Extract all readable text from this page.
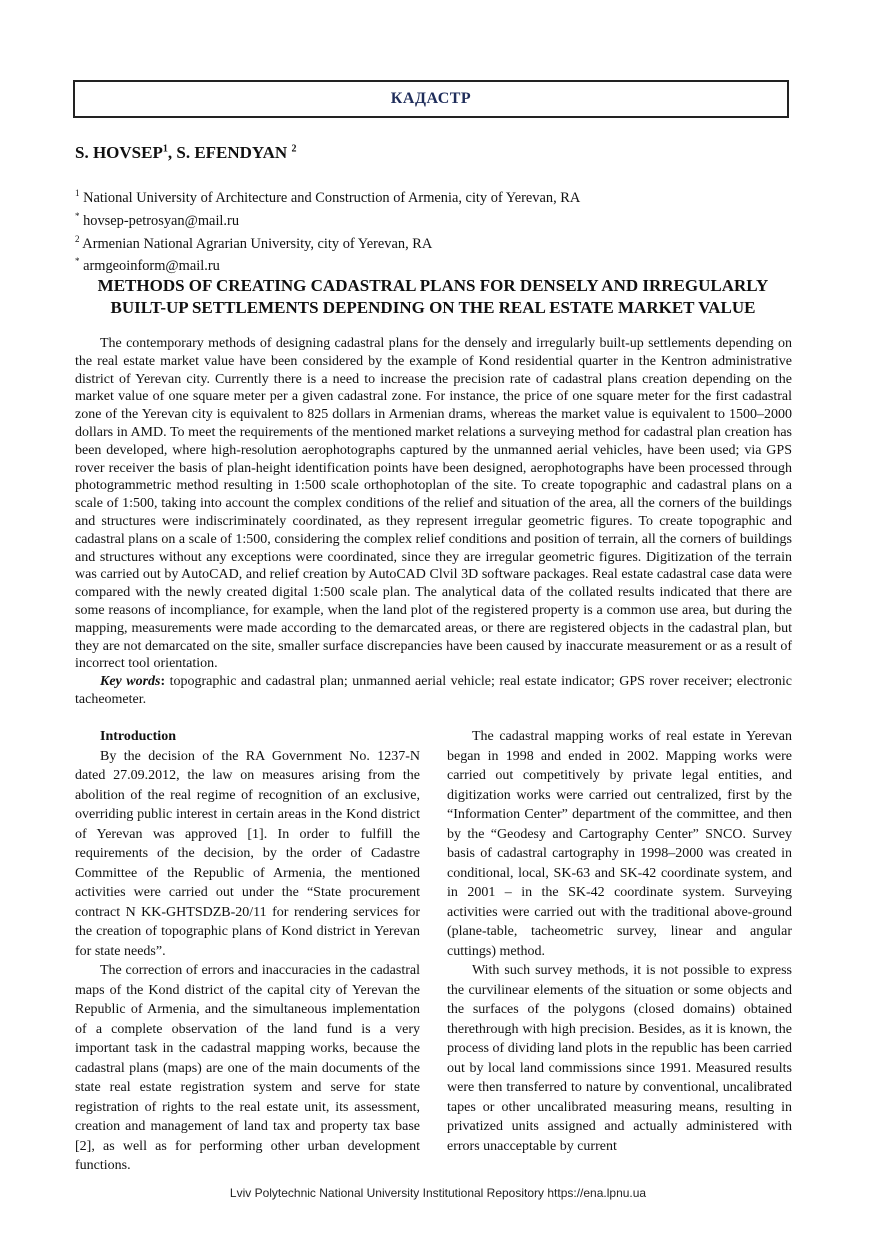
КАДАСТР
S. HOVSEP$^1$, S. EFENDYAN $^2$
$^1$ National University of Architecture and Construction of Armenia, city of Yerevan, RA
* hovsep-petrosyan@mail.ru
$^2$ Armenian National Agrarian University, city of Yerevan, RA
* armgeoinform@mail.ru
METHODS OF CREATING CADASTRAL PLANS FOR DENSELY AND IRREGULARLY
BUILT-UP SETTLEMENTS DEPENDING ON THE REAL ESTATE MARKET VALUE

The contemporary methods of designing cadastral plans for the densely and irregularly built-up settlements depending on the real estate market value have been considered by the example of Kond residential quarter in the Kentron administrative district of Yerevan city. Currently there is a need to increase the precision rate of cadastral plans creation depending on the market value of one square meter per a given cadastral zone. For instance, the price of one square meter for the first cadastral zone of the Yerevan city is equivalent to 825 dollars in Armenian drams, whereas the market value is equivalent to 1500–2000 dollars in AMD. To meet the requirements of the mentioned market relations a surveying method for cadastral plan creation has been developed, where high-resolution aerophotographs captured by the unmanned aerial vehicles, have been used; via GPS rover receiver the basis of plan-height identification points have been designed, aerophotographs have been processed through photogrammetric method resulting in 1:500 scale orthophotoplan of the site. To create topographic and cadastral plans on a scale of 1:500, taking into account the complex conditions of the relief and situation of the area, all the corners of the buildings and structures were indiscriminately coordinated, as they represent irregular geometric figures. To create topographic and cadastral plans on a scale of 1:500, considering the complex relief conditions and position of terrain, all the corners of buildings and structures without any exceptions were coordinated, since they are irregular geometric figures. Digitization of the terrain was carried out by AutoCAD, and relief creation by AutoCAD Clvil 3D software packages. Real estate cadastral case data were compared with the newly created digital 1:500 scale plan. The analytical data of the collated results indicated that there are some reasons of incompliance, for example, when the land plot of the registered property is a common use area, but during the mapping, measurements were made according to the demarcated areas, or there are registered objects in the cadastral plan, but they are not demarcated on the site, smaller surface discrepancies have been caused by inaccurate measurement or as a result of incorrect tool orientation.

Key words: topographic and cadastral plan; unmanned aerial vehicle; real estate indicator; GPS rover receiver; electronic tacheometer.

Introduction

By the decision of the RA Government No. 1237-N dated 27.09.2012, the law on measures arising from the abolition of the real regime of recognition of an exclusive, overriding public interest in certain areas in the Kond district of Yerevan was approved [1]. In order to fulfill the requirements of the decision, by the order of Cadastre Committee of the Republic of Armenia, the mentioned activities were carried out under the “State procurement contract N KK-GHTSDZB-20/11 for rendering services for the creation of topographic plans of Kond district in Yerevan for state needs”.

The correction of errors and inaccuracies in the cadastral maps of the Kond district of the capital city of Yerevan the Republic of Armenia, and the simultaneous implementation of a complete observation of the land fund is a very important task in the cadastral mapping works, because the cadastral plans (maps) are one of the main documents of the state real estate registration system and serve for state registration of rights to the real estate unit, its assessment, creation and management of land tax and property tax base [2], as well as for performing other urban development functions.

The cadastral mapping works of real estate in Yerevan began in 1998 and ended in 2002. Mapping works were carried out competitively by private legal entities, and digitization works were carried out centralized, first by the “Information Center” department of the committee, and then by the “Geodesy and Cartography Center” SNCO. Survey basis of cadastral cartography in 1998–2000 was created in conditional, local, SK-63 and SK-42 coordinate system, and in 2001 – in the SK-42 coordinate system. Surveying activities were carried out with the traditional above-ground (plane-table, tacheometric survey, linear and angular cuttings) method.

With such survey methods, it is not possible to express the curvilinear elements of the situation or some objects and the surfaces of the polygons (closed domains) obtained therethrough with high precision. Besides, as it is known, the process of dividing land plots in the republic has been carried out by local land commissions since 1991. Measured results were then transferred to nature by conventional, uncalibrated tapes or other uncalibrated measuring means, resulting in privatized units assigned and actually administered with errors unacceptable by current

Lviv Polytechnic National University Institutional Repository https://ena.lpnu.ua
